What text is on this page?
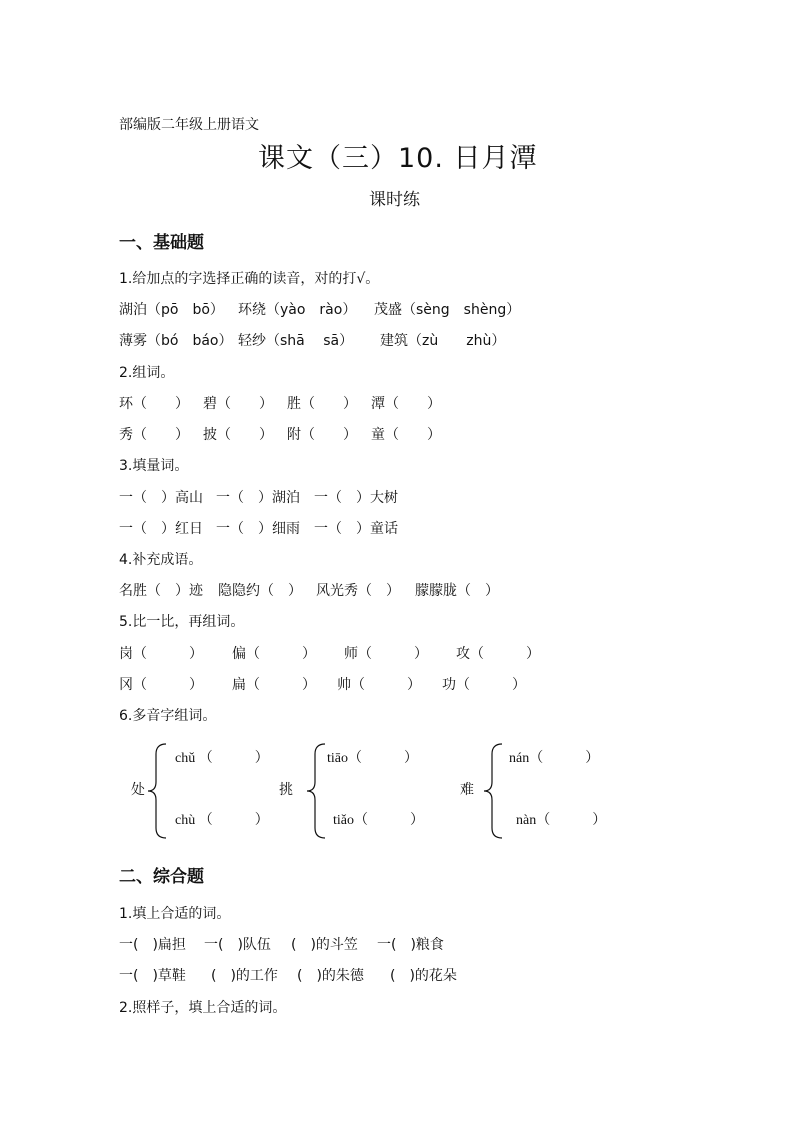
部编版二年级上册语文
课文（三）10. 日月潭
课时练
一、基础题
1.给加点的字选择正确的读音，对的打√。
湖泊（pō　bō） 环绕（yào　rào） 茂盛（sèng　shèng）
薄雾（bó　báo） 轻纱（shā　 sā） 建筑（zù　　zhù）
2.组词。
环（　　） 碧（　　） 胜（　　） 潭（　　）
秀（　　） 披（　　） 附（　　） 童（　　）
3.填量词。
一（　）高山 一（　）湖泊 一（　）大树
一（　）红日 一（　）细雨 一（　）童话
4.补充成语。
名胜（　）迹 隐隐约（　） 风光秀（　） 朦朦胧（　）
5.比一比，再组词。
岗（　　　） 偏（　　　） 师（　　　） 攻（　　　）
冈（　　　） 扁（　　　） 帅（　　　） 功（　　　）
6.多音字组词。
处
chǔ （　　　）
chù （　　　）
挑
tiāo（　　　）
tiǎo（　　　）
难
nán（　　　）
nàn（　　　）
二、综合题
1.填上合适的词。
一(　)扁担 一(　)队伍 (　)的斗笠 一(　)粮食
一(　)草鞋 (　)的工作 (　)的朱德 (　)的花朵
2.照样子，填上合适的词。
